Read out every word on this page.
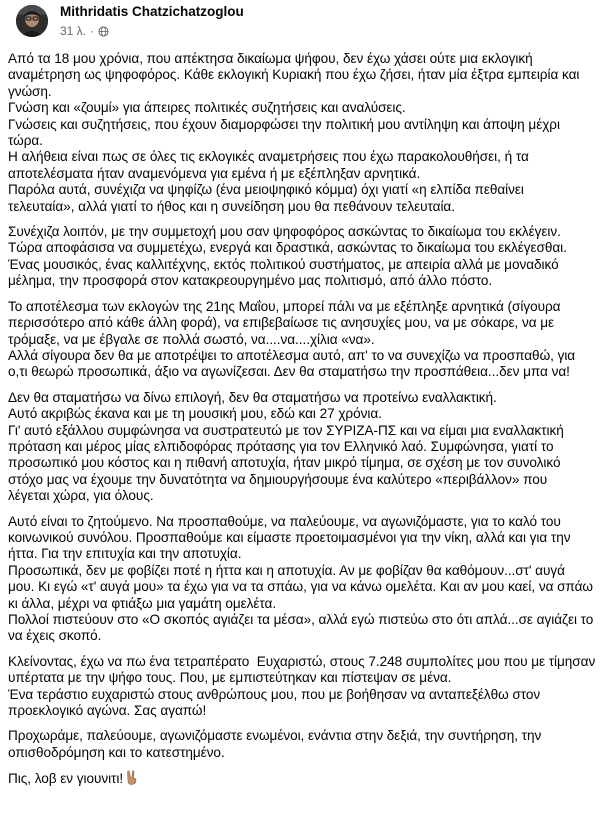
Mithridatis Chatzichatzoglou
31 λ. ·
Από τα 18 μου χρόνια, που απέκτησα δικαίωμα ψήφου, δεν έχω χάσει ούτε μια εκλογική
αναμέτρηση ως ψηφοφόρος. Κάθε εκλογική Κυριακή που έχω ζήσει, ήταν μία έξτρα εμπειρία και
γνώση.
Γνώση και «ζουμί» για άπειρες πολιτικές συζητήσεις και αναλύσεις.
Γνώσεις και συζητήσεις, που έχουν διαμορφώσει την πολιτική μου αντίληψη και άποψη μέχρι
τώρα.
Η αλήθεια είναι πως σε όλες τις εκλογικές αναμετρήσεις που έχω παρακολουθήσει, ή τα
αποτελέσματα ήταν αναμενόμενα για εμένα ή με εξέπληξαν αρνητικά.
Παρόλα αυτά, συνέχιζα να ψηφίζω (ένα μειοψηφικό κόμμα) όχι γιατί «η ελπίδα πεθαίνει
τελευταία», αλλά γιατί το ήθος και η συνείδηση μου θα πεθάνουν τελευταία.
Συνέχιζα λοιπόν, με την συμμετοχή μου σαν ψηφοφόρος ασκώντας το δικαίωμα του εκλέγειν.
Τώρα αποφάσισα να συμμετέχω, ενεργά και δραστικά, ασκώντας το δικαίωμα του εκλέγεσθαι.
Ένας μουσικός, ένας καλλιτέχνης, εκτός πολιτικού συστήματος, με απειρία αλλά με μοναδικό
μέλημα, την προσφορά στον κατακρεουργημένο μας πολιτισμό, από άλλο πόστο.
Το αποτέλεσμα των εκλογών της 21ης Μαΐου, μπορεί πάλι να με εξέπληξε αρνητικά (σίγουρα
περισσότερο από κάθε άλλη φορά), να επιβεβαίωσε τις ανησυχίες μου, να με σόκαρε, να με
τρόμαξε, να με έβγαλε σε πολλά σωστό, να....να....χίλια «να».
Αλλά σίγουρα δεν θα με αποτρέψει το αποτέλεσμα αυτό, απ' το να συνεχίζω να προσπαθώ, για
ο,τι θεωρώ προσωπικά, άξιο να αγωνίζεσαι. Δεν θα σταματήσω την προσπάθεια...δεν μπα να!
Δεν θα σταματήσω να δίνω επιλογή, δεν θα σταματήσω να προτείνω εναλλακτική.
Αυτό ακριβώς έκανα και με τη μουσική μου, εδώ και 27 χρόνια.
Γι' αυτό εξάλλου συμφώνησα να συστρατευτώ με τον ΣΥΡΙΖΑ-ΠΣ και να είμαι μια εναλλακτική
πρόταση και μέρος μίας ελπιδοφόρας πρότασης για τον Ελληνικό λαό. Συμφώνησα, γιατί το
προσωπικό μου κόστος και η πιθανή αποτυχία, ήταν μικρό τίμημα, σε σχέση με τον συνολικό
στόχο μας να έχουμε την δυνατότητα να δημιουργήσουμε ένα καλύτερο «περιβάλλον» που
λέγεται χώρα, για όλους.
Αυτό είναι το ζητούμενο. Να προσπαθούμε, να παλεύουμε, να αγωνιζόμαστε, για το καλό του
κοινωνικού συνόλου. Προσπαθούμε και είμαστε προετοιμασμένοι για την νίκη, αλλά και για την
ήττα. Για την επιτυχία και την αποτυχία.
Προσωπικά, δεν με φοβίζει ποτέ η ήττα και η αποτυχία. Αν με φοβίζαν θα καθόμουν...στ' αυγά
μου. Κι εγώ «τ' αυγά μου» τα έχω για να τα σπάω, για να κάνω ομελέτα. Και αν μου καεί, να σπάω
κι άλλα, μέχρι να φτιάξω μια γαμάτη ομελέτα.
Πολλοί πιστεύουν στο «Ο σκοπός αγιάζει τα μέσα», αλλά εγώ πιστεύω στο ότι απλά...σε αγιάζει το
να έχεις σκοπό.
Κλείνοντας, έχω να πω ένα τετραπέρατο  Ευχαριστώ, στους 7.248 συμπολίτες μου που με τίμησαν
υπέρτατα με την ψήφο τους. Που, με εμπιστεύτηκαν και πίστεψαν σε μένα.
Ένα τεράστιο ευχαριστώ στους ανθρώπους μου, που με βοήθησαν να ανταπεξέλθω στον
προεκλογικό αγώνα. Σας αγαπώ!
Προχωράμε, παλεύουμε, αγωνιζόμαστε ενωμένοι, ενάντια στην δεξιά, την συντήρηση, την
οπισθοδρόμηση και το κατεστημένο.
Πις, λοβ εν γιουνιτι!
